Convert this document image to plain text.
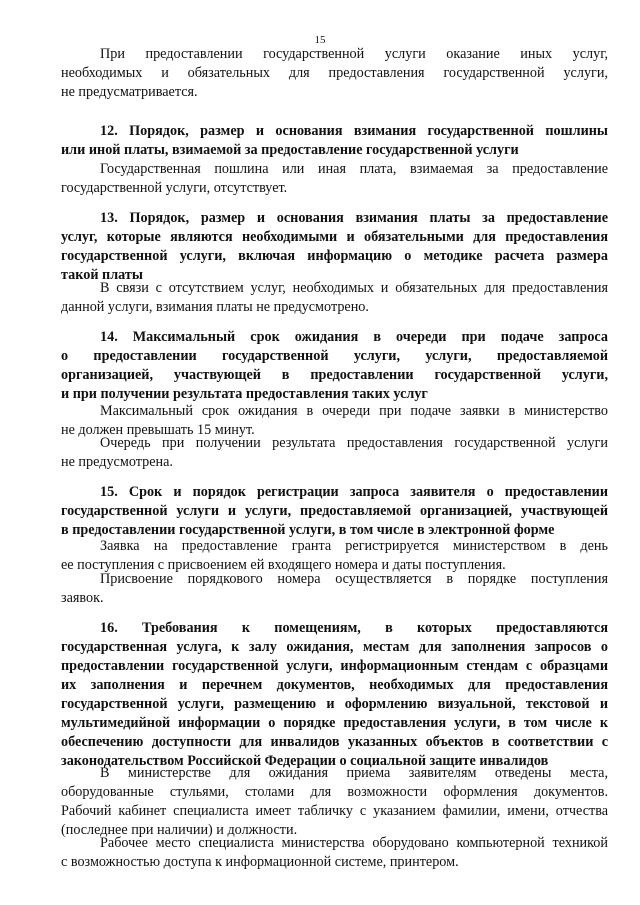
15
При предоставлении государственной услуги оказание иных услуг,
необходимых и обязательных для предоставления государственной услуги,
не предусматривается.
12. Порядок, размер и основания взимания государственной пошлины
или иной платы, взимаемой за предоставление государственной услуги
Государственная пошлина или иная плата, взимаемая за предоставление
государственной услуги, отсутствует.
13. Порядок, размер и основания взимания платы за предоставление
услуг, которые являются необходимыми и обязательными для предоставления
государственной услуги, включая информацию о методике расчета размера
такой платы
В связи с отсутствием услуг, необходимых и обязательных для предоставления
данной услуги, взимания платы не предусмотрено.
14. Максимальный срок ожидания в очереди при подаче запроса
о предоставлении государственной услуги, услуги, предоставляемой
организацией, участвующей в предоставлении государственной услуги,
и при получении результата предоставления таких услуг
Максимальный срок ожидания в очереди при подаче заявки в министерство
не должен превышать 15 минут.
Очередь при получении результата предоставления государственной услуги
не предусмотрена.
15. Срок и порядок регистрации запроса заявителя о предоставлении
государственной услуги и услуги, предоставляемой организацией, участвующей
в предоставлении государственной услуги, в том числе в электронной форме
Заявка на предоставление гранта регистрируется министерством в день
ее поступления с присвоением ей входящего номера и даты поступления.
Присвоение порядкового номера осуществляется в порядке поступления
заявок.
16. Требования к помещениям, в которых предоставляются
государственная услуга, к залу ожидания, местам для заполнения запросов о
предоставлении государственной услуги, информационным стендам с образцами
их заполнения и перечнем документов, необходимых для предоставления
государственной услуги, размещению и оформлению визуальной, текстовой и
мультимедийной информации о порядке предоставления услуги, в том числе к
обеспечению доступности для инвалидов указанных объектов в соответствии с
законодательством Российской Федерации о социальной защите инвалидов
В министерстве для ожидания приема заявителям отведены места,
оборудованные стульями, столами для возможности оформления документов.
Рабочий кабинет специалиста имеет табличку с указанием фамилии, имени, отчества
(последнее при наличии) и должности.
Рабочее место специалиста министерства оборудовано компьютерной техникой
с возможностью доступа к информационной системе, принтером.
